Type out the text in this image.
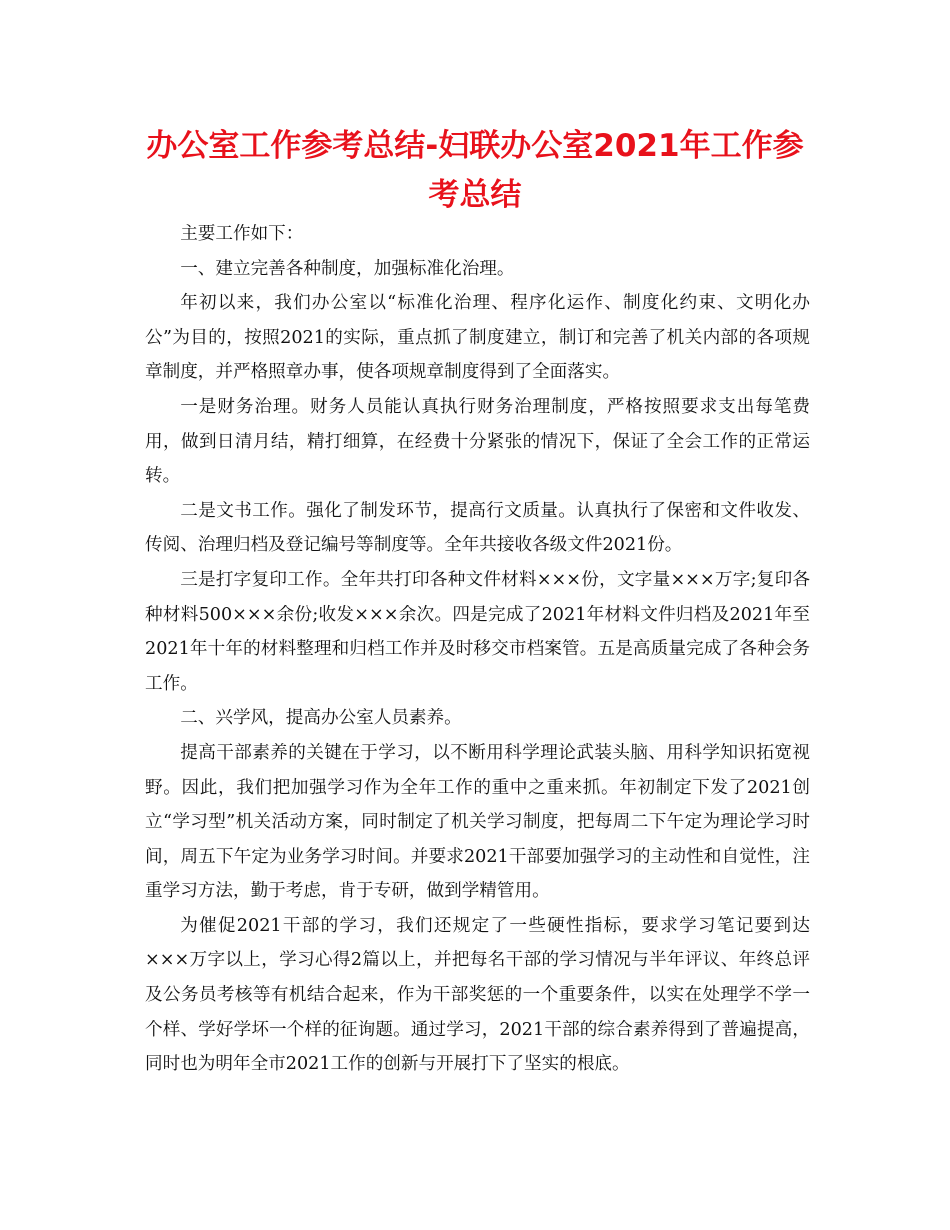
办公室工作参考总结-妇联办公室2021年工作参考总结

主要工作如下：

一、建立完善各种制度，加强标准化治理。

年初以来，我们办公室以“标准化治理、程序化运作、制度化约束、文明化办公”为目的，按照2021的实际，重点抓了制度建立，制订和完善了机关内部的各项规章制度，并严格照章办事，使各项规章制度得到了全面落实。

一是财务治理。财务人员能认真执行财务治理制度，严格按照要求支出每笔费用，做到日清月结，精打细算，在经费十分紧张的情况下，保证了全会工作的正常运转。

二是文书工作。强化了制发环节，提高行文质量。认真执行了保密和文件收发、传阅、治理归档及登记编号等制度等。全年共接收各级文件2021份。

三是打字复印工作。全年共打印各种文件材料×××份，文字量×××万字;复印各种材料500×××余份;收发×××余次。四是完成了2021年材料文件归档及2021年至2021年十年的材料整理和归档工作并及时移交市档案管。五是高质量完成了各种会务工作。

二、兴学风，提高办公室人员素养。

提高干部素养的关键在于学习，以不断用科学理论武装头脑、用科学知识拓宽视野。因此，我们把加强学习作为全年工作的重中之重来抓。年初制定下发了2021创立“学习型”机关活动方案，同时制定了机关学习制度，把每周二下午定为理论学习时间，周五下午定为业务学习时间。并要求2021干部要加强学习的主动性和自觉性，注重学习方法，勤于考虑，肯于专研，做到学精管用。

为催促2021干部的学习，我们还规定了一些硬性指标，要求学习笔记要到达×××万字以上，学习心得2篇以上，并把每名干部的学习情况与半年评议、年终总评及公务员考核等有机结合起来，作为干部奖惩的一个重要条件，以实在处理学不学一个样、学好学坏一个样的征询题。通过学习，2021干部的综合素养得到了普遍提高，同时也为明年全市2021工作的创新与开展打下了坚实的根底。
